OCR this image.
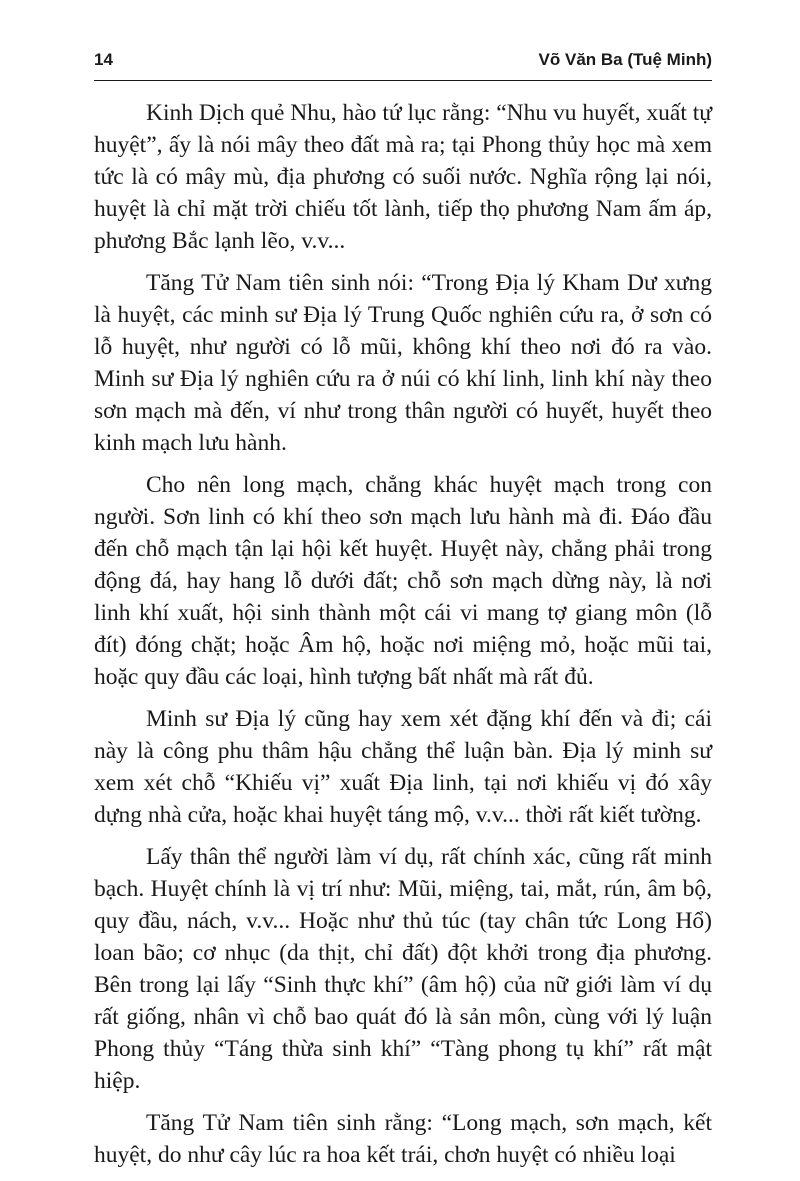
14	Võ Văn Ba (Tuệ Minh)

Kinh Dịch quẻ Nhu, hào tứ lục rằng: “Nhu vu huyết, xuất tự huyệt”, ấy là nói mây theo đất mà ra; tại Phong thủy học mà xem tức là có mây mù, địa phương có suối nước. Nghĩa rộng lại nói, huyệt là chỉ mặt trời chiếu tốt lành, tiếp thọ phương Nam ấm áp, phương Bắc lạnh lẽo, v.v...

Tăng Tử Nam tiên sinh nói: “Trong Địa lý Kham Dư xưng là huyệt, các minh sư Địa lý Trung Quốc nghiên cứu ra, ở sơn có lỗ huyệt, như người có lỗ mũi, không khí theo nơi đó ra vào. Minh sư Địa lý nghiên cứu ra ở núi có khí linh, linh khí này theo sơn mạch mà đến, ví như trong thân người có huyết, huyết theo kinh mạch lưu hành.

Cho nên long mạch, chẳng khác huyệt mạch trong con người. Sơn linh có khí theo sơn mạch lưu hành mà đi. Đáo đầu đến chỗ mạch tận lại hội kết huyệt. Huyệt này, chẳng phải trong động đá, hay hang lỗ dưới đất; chỗ sơn mạch dừng này, là nơi linh khí xuất, hội sinh thành một cái vi mang tợ giang môn (lỗ đít) đóng chặt; hoặc Âm hộ, hoặc nơi miệng mỏ, hoặc mũi tai, hoặc quy đầu các loại, hình tượng bất nhất mà rất đủ.

Minh sư Địa lý cũng hay xem xét đặng khí đến và đi; cái này là công phu thâm hậu chẳng thể luận bàn. Địa lý minh sư xem xét chỗ “Khiếu vị” xuất Địa linh, tại nơi khiếu vị đó xây dựng nhà cửa, hoặc khai huyệt táng mộ, v.v... thời rất kiết tường.

Lấy thân thể người làm ví dụ, rất chính xác, cũng rất minh bạch. Huyệt chính là vị trí như: Mũi, miệng, tai, mắt, rún, âm bộ, quy đầu, nách, v.v... Hoặc như thủ túc (tay chân tức Long Hổ) loan bão; cơ nhục (da thịt, chỉ đất) đột khởi trong địa phương. Bên trong lại lấy “Sinh thực khí” (âm hộ) của nữ giới làm ví dụ rất giống, nhân vì chỗ bao quát đó là sản môn, cùng với lý luận Phong thủy “Táng thừa sinh khí” “Tàng phong tụ khí” rất mật hiệp.

Tăng Tử Nam tiên sinh rằng: “Long mạch, sơn mạch, kết huyệt, do như cây lúc ra hoa kết trái, chơn huyệt có nhiều loại
